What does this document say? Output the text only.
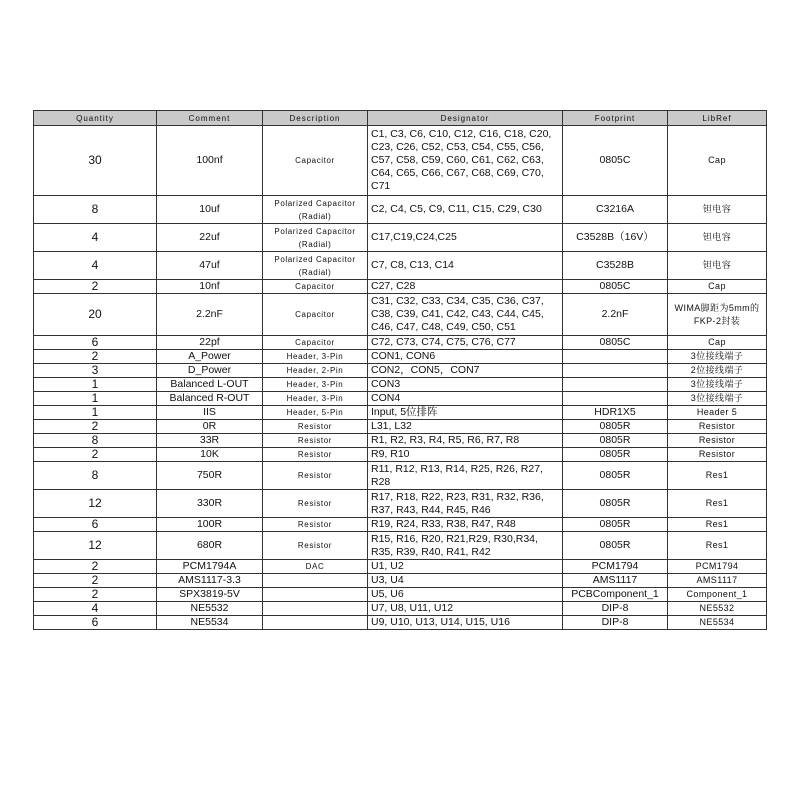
Quantity	Comment	Description	Designator	Footprint	LibRef
30	100nf	Capacitor	C1, C3, C6, C10, C12, C16, C18, C20, C23, C26, C52, C53, C54, C55, C56, C57, C58, C59, C60, C61, C62, C63, C64, C65, C66, C67, C68, C69, C70, C71	0805C	Cap
8	10uf	Polarized Capacitor (Radial)	C2, C4, C5, C9, C11, C15, C29, C30	C3216A	钽电容
4	22uf	Polarized Capacitor (Radial)	C17,C19,C24,C25	C3528B（16V）	钽电容
4	47uf	Polarized Capacitor (Radial)	C7, C8, C13, C14	C3528B	钽电容
2	10nf	Capacitor	C27, C28	0805C	Cap
20	2.2nF	Capacitor	C31, C32, C33, C34, C35, C36, C37, C38, C39, C41, C42, C43, C44, C45, C46, C47, C48, C49, C50, C51	2.2nF	WIMA脚距为5mm的FKP-2封装
6	22pf	Capacitor	C72, C73, C74, C75, C76, C77	0805C	Cap
2	A_Power	Header, 3-Pin	CON1, CON6		3位接线端子
3	D_Power	Header, 2-Pin	CON2，CON5，CON7		2位接线端子
1	Balanced L-OUT	Header, 3-Pin	CON3		3位接线端子
1	Balanced R-OUT	Header, 3-Pin	CON4		3位接线端子
1	IIS	Header, 5-Pin	Input, 5位排阵	HDR1X5	Header 5
2	0R	Resistor	L31, L32	0805R	Resistor
8	33R	Resistor	R1, R2, R3, R4, R5, R6, R7, R8	0805R	Resistor
2	10K	Resistor	R9, R10	0805R	Resistor
8	750R	Resistor	R11, R12, R13, R14, R25, R26, R27, R28	0805R	Res1
12	330R	Resistor	R17, R18, R22, R23, R31, R32, R36, R37, R43, R44, R45, R46	0805R	Res1
6	100R	Resistor	R19, R24, R33, R38, R47, R48	0805R	Res1
12	680R	Resistor	R15, R16, R20, R21,R29, R30,R34, R35, R39, R40, R41, R42	0805R	Res1
2	PCM1794A	DAC	U1, U2	PCM1794	PCM1794
2	AMS1117-3.3		U3, U4	AMS1117	AMS1117
2	SPX3819-5V		U5, U6	PCBComponent_1	Component_1
4	NE5532		U7, U8, U11, U12	DIP-8	NE5532
6	NE5534		U9, U10, U13, U14, U15, U16	DIP-8	NE5534
